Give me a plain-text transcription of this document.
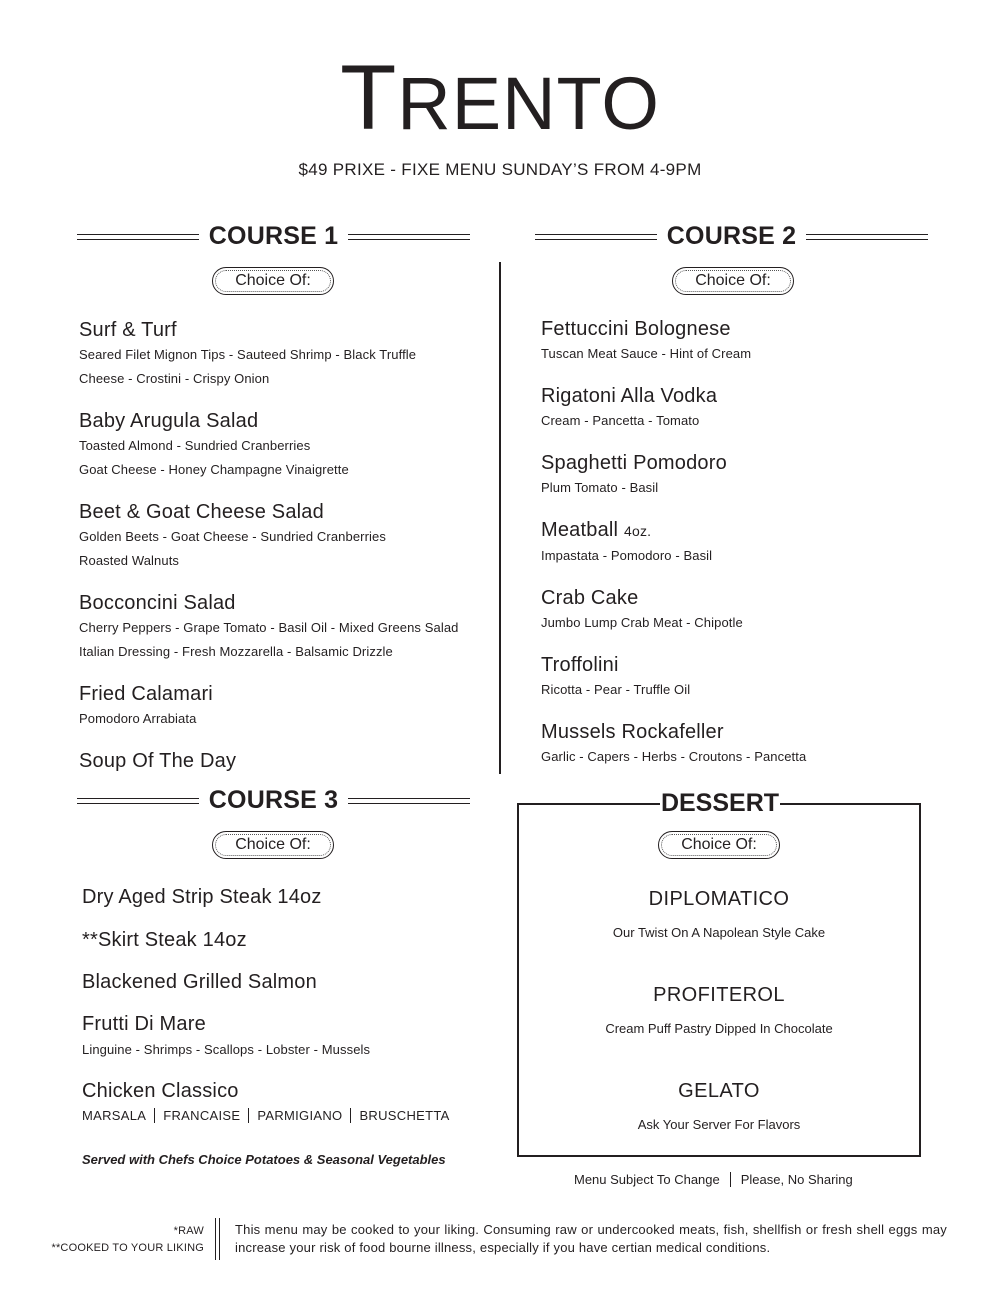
TRENTO
$49 PRIXE - FIXE MENU SUNDAY’S FROM 4-9PM
COURSE 1
Choice Of:
Surf & Turf
Seared Filet Mignon Tips - Sauteed Shrimp - Black Truffle
Cheese - Crostini - Crispy Onion
Baby Arugula Salad
Toasted Almond - Sundried Cranberries
Goat Cheese - Honey Champagne Vinaigrette
Beet & Goat Cheese Salad
Golden Beets - Goat Cheese - Sundried Cranberries
Roasted Walnuts
Bocconcini Salad
Cherry Peppers - Grape Tomato - Basil Oil - Mixed Greens Salad
Italian Dressing - Fresh Mozzarella - Balsamic Drizzle
Fried Calamari
Pomodoro Arrabiata
Soup Of The Day
COURSE 2
Choice Of:
Fettuccini Bolognese
Tuscan Meat Sauce - Hint of Cream
Rigatoni Alla Vodka
Cream - Pancetta - Tomato
Spaghetti Pomodoro
Plum Tomato - Basil
Meatball 4oz.
Impastata - Pomodoro - Basil
Crab Cake
Jumbo Lump Crab Meat - Chipotle
Troffolini
Ricotta - Pear - Truffle Oil
Mussels Rockafeller
Garlic - Capers - Herbs - Croutons - Pancetta
COURSE 3
Choice Of:
Dry Aged Strip Steak 14oz
**Skirt Steak 14oz
Blackened Grilled Salmon
Frutti Di Mare
Linguine - Shrimps - Scallops - Lobster - Mussels
Chicken Classico
MARSALA	FRANCAISE	PARMIGIANO	BRUSCHETTA
Served with Chefs Choice Potatoes & Seasonal Vegetables
DESSERT
Choice Of:
DIPLOMATICO
Our Twist On A Napolean Style Cake
PROFITEROL
Cream Puff Pastry Dipped In Chocolate
GELATO
Ask Your Server For Flavors
Menu Subject To Change	Please, No Sharing
*RAW
**COOKED TO YOUR LIKING
This menu may be cooked to your liking. Consuming raw or undercooked meats, fish, shellfish or fresh shell eggs may increase your risk of food bourne illness, especially if you have certian medical conditions.
